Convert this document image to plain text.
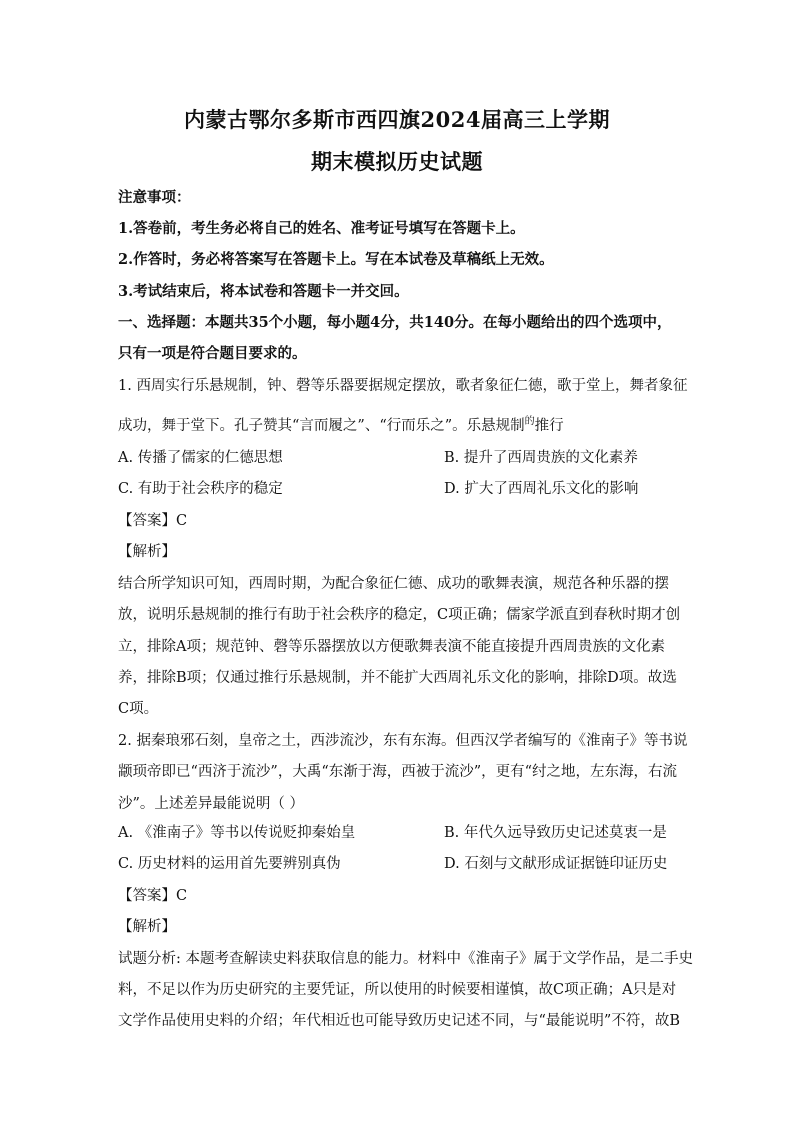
内蒙古鄂尔多斯市西四旗2024届高三上学期
期末模拟历史试题
注意事项：
1.答卷前，考生务必将自己的姓名、准考证号填写在答题卡上。
2.作答时，务必将答案写在答题卡上。写在本试卷及草稿纸上无效。
3.考试结束后，将本试卷和答题卡一并交回。
一、选择题：本题共35个小题，每小题4分，共140分。在每小题给出的四个选项中，
只有一项是符合题目要求的。
1. 西周实行乐悬规制，钟、磬等乐器要据规定摆放，歌者象征仁德，歌于堂上，舞者象征
成功，舞于堂下。孔子赞其“言而履之”、“行而乐之”。乐悬规制$^的$推行
A. 传播了儒家的仁德思想	B. 提升了西周贵族的文化素养
C. 有助于社会秩序的稳定	D. 扩大了西周礼乐文化的影响
【答案】C
【解析】
结合所学知识可知，西周时期，为配合象征仁德、成功的歌舞表演，规范各种乐器的摆
放，说明乐悬规制的推行有助于社会秩序的稳定，C项正确；儒家学派直到春秋时期才创
立，排除A项；规范钟、磬等乐器摆放以方便歌舞表演不能直接提升西周贵族的文化素
养，排除B项；仅通过推行乐悬规制，并不能扩大西周礼乐文化的影响，排除D项。故选
C项。
2. 据秦琅邪石刻，皇帝之土，西涉流沙，东有东海。但西汉学者编写的《淮南子》等书说
颛顼帝即已“西济于流沙”，大禹“东渐于海，西被于流沙”，更有“纣之地，左东海，右流
沙”。上述差异最能说明（ ）
A. 《淮南子》等书以传说贬抑秦始皇	B. 年代久远导致历史记述莫衷一是
C. 历史材料的运用首先要辨别真伪	D. 石刻与文献形成证据链印证历史
【答案】C
【解析】
试题分析: 本题考查解读史料获取信息的能力。材料中《淮南子》属于文学作品，是二手史
料，不足以作为历史研究的主要凭证，所以使用的时候要相谨慎，故C项正确；A只是对
文学作品使用史料的介绍；年代相近也可能导致历史记述不同，与“最能说明”不符，故B
